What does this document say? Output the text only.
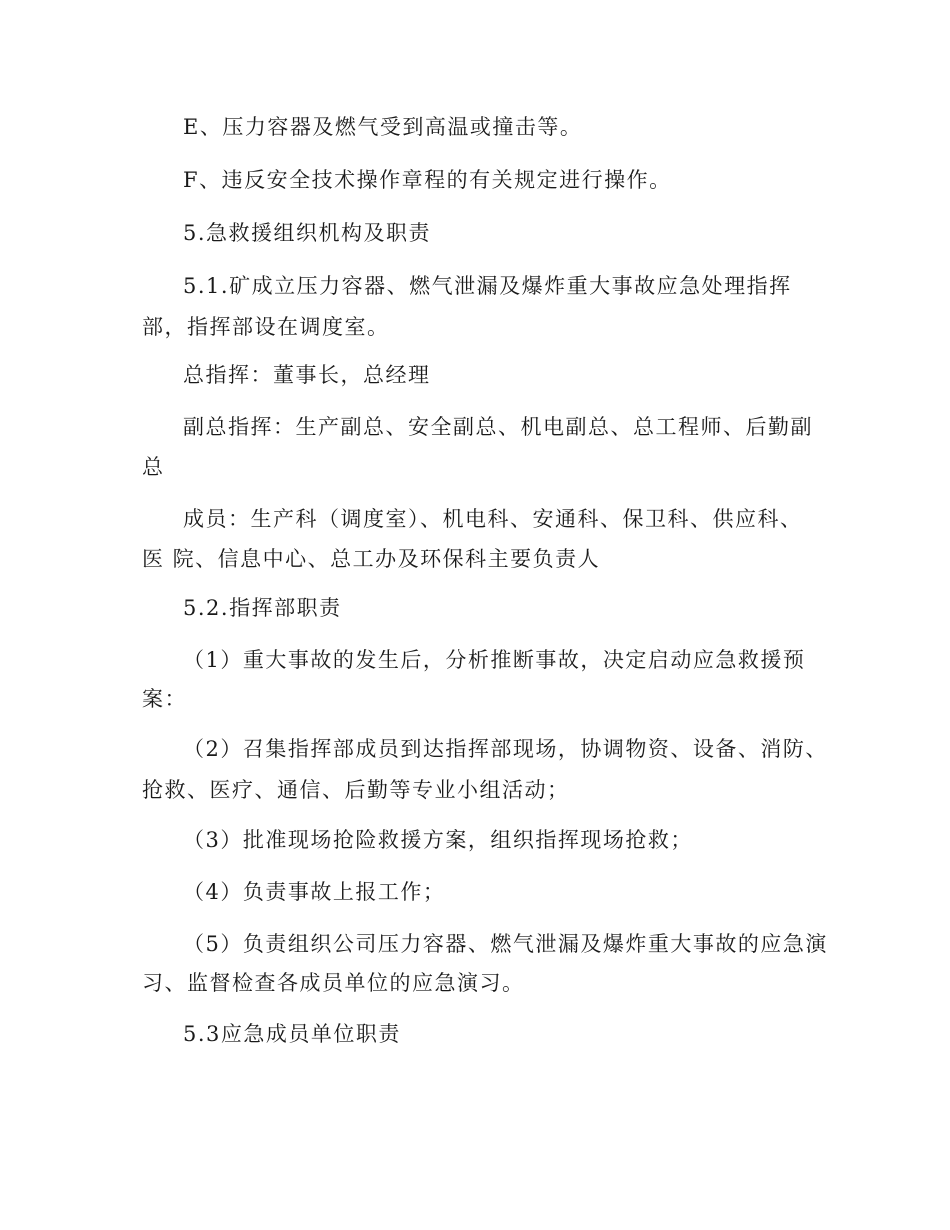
E、压力容器及燃气受到高温或撞击等。
F、违反安全技术操作章程的有关规定进行操作。
5.急救援组织机构及职责
5.1.矿成立压力容器、燃气泄漏及爆炸重大事故应急处理指挥
部，指挥部设在调度室。
总指挥：董事长，总经理
副总指挥：生产副总、安全副总、机电副总、总工程师、后勤副
总
成员：生产科（调度室）、机电科、安通科、保卫科、供应科、
医 院、信息中心、总工办及环保科主要负责人
5.2.指挥部职责
（1）重大事故的发生后，分析推断事故，决定启动应急救援预
案：
（2）召集指挥部成员到达指挥部现场，协调物资、设备、消防、
抢救、医疗、通信、后勤等专业小组活动；
（3）批准现场抢险救援方案，组织指挥现场抢救；
（4）负责事故上报工作；
（5）负责组织公司压力容器、燃气泄漏及爆炸重大事故的应急演
习、监督检查各成员单位的应急演习。
5.3应急成员单位职责
